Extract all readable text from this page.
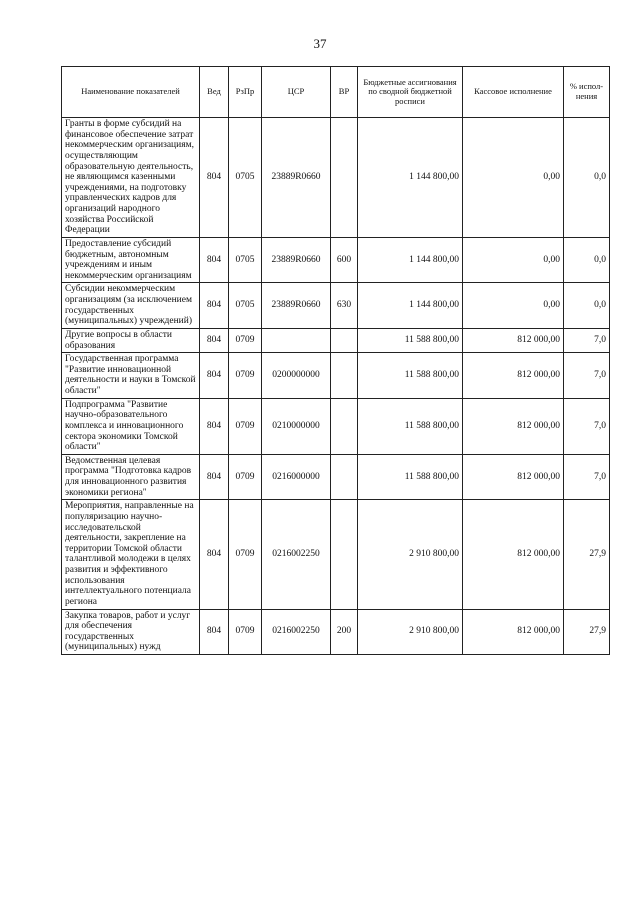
37
Наименование показателей	Вед	РзПр	ЦСР	ВР	Бюджетные ассигнования по сводной бюджетной росписи	Кассовое исполнение	% испол-нения
Гранты в форме субсидий на финансовое обеспечение затрат некоммерческим организациям, осуществляющим образовательную деятельность, не являющимся казенными учреждениями, на подготовку управленческих кадров для организаций народного хозяйства Российской Федерации	804	0705	23889R0660		1 144 800,00	0,00	0,0
Предоставление субсидий бюджетным, автономным учреждениям и иным некоммерческим организациям	804	0705	23889R0660	600	1 144 800,00	0,00	0,0
Субсидии некоммерческим организациям (за исключением государственных (муниципальных) учреждений)	804	0705	23889R0660	630	1 144 800,00	0,00	0,0
Другие вопросы в области образования	804	0709			11 588 800,00	812 000,00	7,0
Государственная программа "Развитие инновационной деятельности и науки в Томской области"	804	0709	0200000000		11 588 800,00	812 000,00	7,0
Подпрограмма "Развитие научно-образовательного комплекса и инновационного сектора экономики Томской области"	804	0709	0210000000		11 588 800,00	812 000,00	7,0
Ведомственная целевая программа "Подготовка кадров для инновационного развития экономики региона"	804	0709	0216000000		11 588 800,00	812 000,00	7,0
Мероприятия, направленные на популяризацию научно-исследовательской деятельности, закрепление на территории Томской области талантливой молодежи в целях развития и эффективного использования интеллектуального потенциала региона	804	0709	0216002250		2 910 800,00	812 000,00	27,9
Закупка товаров, работ и услуг для обеспечения государственных (муниципальных) нужд	804	0709	0216002250	200	2 910 800,00	812 000,00	27,9
